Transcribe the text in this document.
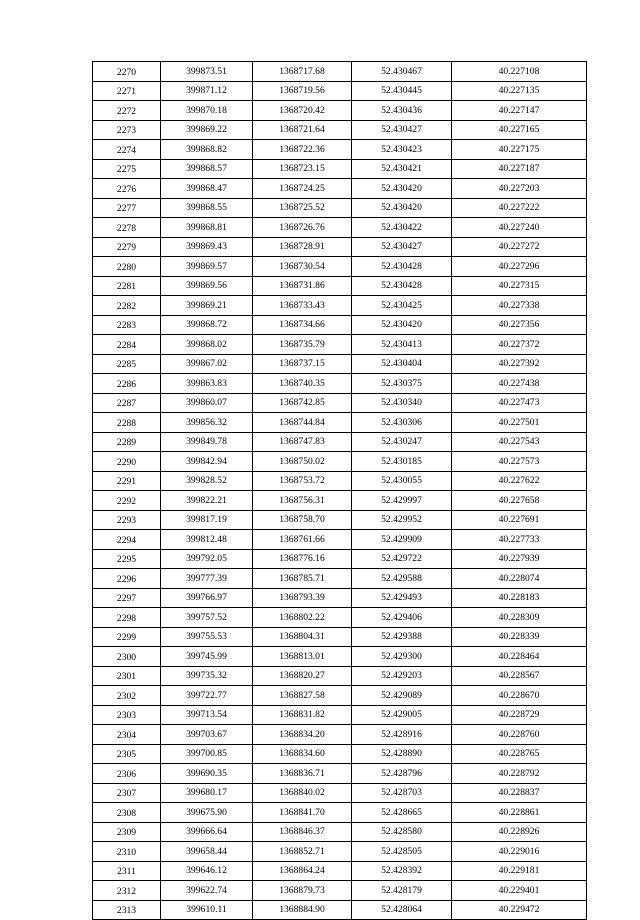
2270	399873.51	1368717.68	52.430467	40.227108
2271	399871.12	1368719.56	52.430445	40.227135
2272	399870.18	1368720.42	52.430436	40.227147
2273	399869.22	1368721.64	52.430427	40.227165
2274	399868.82	1368722.36	52.430423	40.227175
2275	399868.57	1368723.15	52.430421	40.227187
2276	399868.47	1368724.25	52.430420	40.227203
2277	399868.55	1368725.52	52.430420	40.227222
2278	399868.81	1368726.76	52.430422	40.227240
2279	399869.43	1368728.91	52.430427	40.227272
2280	399869.57	1368730.54	52.430428	40.227296
2281	399869.56	1368731.86	52.430428	40.227315
2282	399869.21	1368733.43	52.430425	40.227338
2283	399868.72	1368734.66	52.430420	40.227356
2284	399868.02	1368735.79	52.430413	40.227372
2285	399867.02	1368737.15	52.430404	40.227392
2286	399863.83	1368740.35	52.430375	40.227438
2287	399860.07	1368742.85	52.430340	40.227473
2288	399856.32	1368744.84	52.430306	40.227501
2289	399849.78	1368747.83	52.430247	40.227543
2290	399842.94	1368750.02	52.430185	40.227573
2291	399828.52	1368753.72	52.430055	40.227622
2292	399822.21	1368756.31	52.429997	40.227658
2293	399817.19	1368758.70	52.429952	40.227691
2294	399812.48	1368761.66	52.429909	40.227733
2295	399792.05	1368776.16	52.429722	40.227939
2296	399777.39	1368785.71	52.429588	40.228074
2297	399766.97	1368793.39	52.429493	40.228183
2298	399757.52	1368802.22	52.429406	40.228309
2299	399755.53	1368804.31	52.429388	40.228339
2300	399745.99	1368813.01	52.429300	40.228464
2301	399735.32	1368820.27	52.429203	40.228567
2302	399722.77	1368827.58	52.429089	40.228670
2303	399713.54	1368831.82	52.429005	40.228729
2304	399703.67	1368834.20	52.428916	40.228760
2305	399700.85	1368834.60	52.428890	40.228765
2306	399690.35	1368836.71	52.428796	40.228792
2307	399680.17	1368840.02	52.428703	40.228837
2308	399675.90	1368841.70	52.428665	40.228861
2309	399666.64	1368846.37	52.428580	40.228926
2310	399658.44	1368852.71	52.428505	40.229016
2311	399646.12	1368864.24	52.428392	40.229181
2312	399622.74	1368879.73	52.428179	40.229401
2313	399610.11	1368884.90	52.428064	40.229472
